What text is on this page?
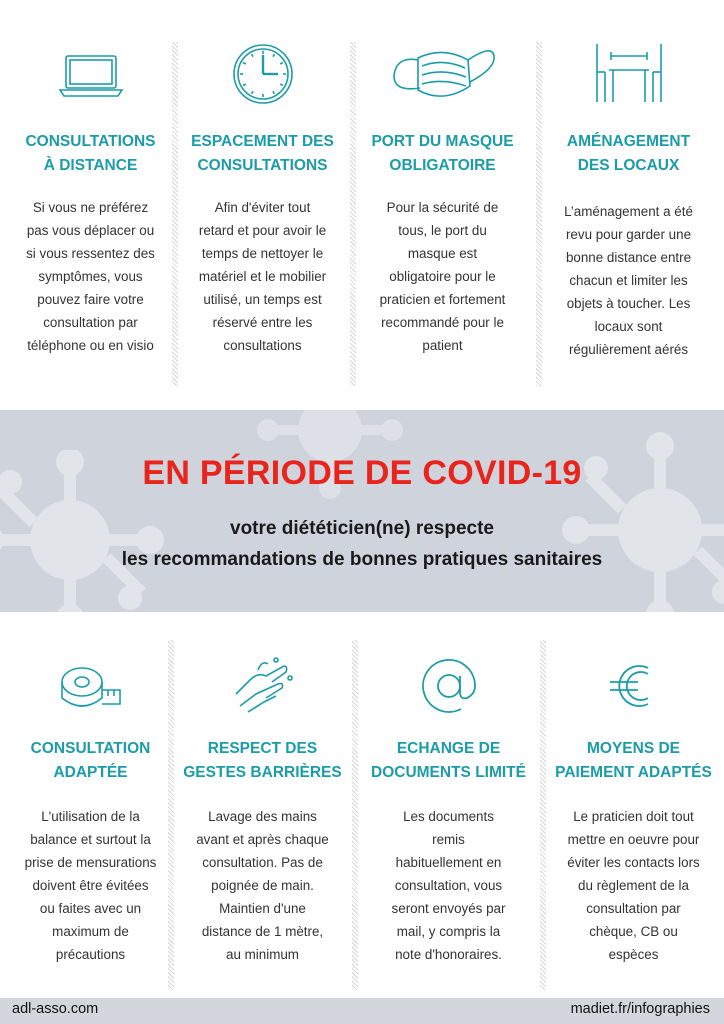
CONSULTATIONS
À DISTANCE
Si vous ne préférez
pas vous déplacer ou
si vous ressentez des
symptômes, vous
pouvez faire votre
consultation par
téléphone ou en visio
ESPACEMENT DES
CONSULTATIONS
Afin d'éviter tout
retard et pour avoir le
temps de nettoyer le
matériel et le mobilier
utilisé, un temps est
réservé entre les
consultations
PORT DU MASQUE
OBLIGATOIRE
Pour la sécurité de
tous, le port du
masque est
obligatoire pour le
praticien et fortement
recommandé pour le
patient
AMÉNAGEMENT
DES LOCAUX
L’aménagement a été
revu pour garder une
bonne distance entre
chacun et limiter les
objets à toucher. Les
locaux sont
régulièrement aérés
EN PÉRIODE DE COVID-19
votre diététicien(ne) respecte
les recommandations de bonnes pratiques sanitaires
CONSULTATION
ADAPTÉE
L'utilisation de la
balance et surtout la
prise de mensurations
doivent être évitées
ou faites avec un
maximum de
précautions
RESPECT DES
GESTES BARRIÈRES
Lavage des mains
avant et après chaque
consultation. Pas de
poignée de main.
Maintien d'une
distance de 1 mètre,
au minimum
ECHANGE DE
DOCUMENTS LIMITÉ
Les documents
remis
habituellement en
consultation, vous
seront envoyés par
mail, y compris la
note d'honoraires.
MOYENS DE
PAIEMENT ADAPTÉS
Le praticien doit tout
mettre en oeuvre pour
éviter les contacts lors
du règlement de la
consultation par
chèque, CB ou
espèces
adl-asso.com	madiet.fr/infographies
